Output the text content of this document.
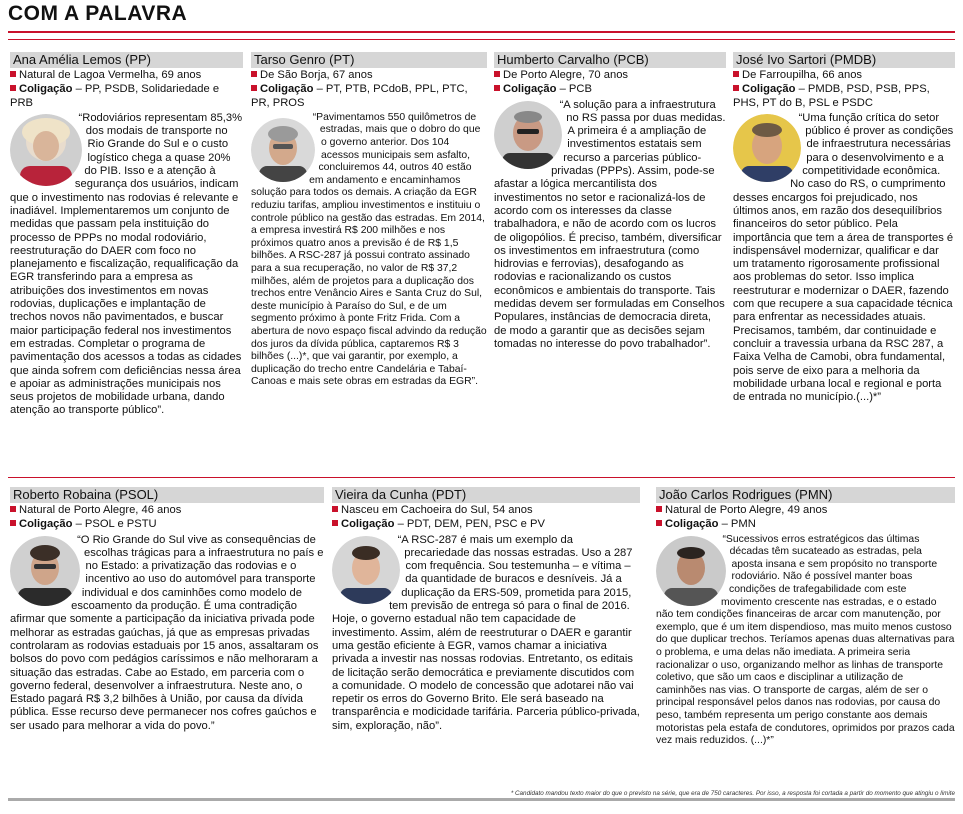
COM A PALAVRA
Ana Amélia Lemos (PP)
Natural de Lagoa Vermelha, 69 anos
Coligação – PP, PSDB, Solidariedade e PRB
“Rodoviários representam 85,3% dos modais de transporte no Rio Grande do Sul e o custo logístico chega a quase 20% do PIB. Isso e a atenção à segurança dos usuários, indicam que o investimento nas rodovias é relevante e inadiável. Implementaremos um conjunto de medidas que passam pela instituição do processo de PPPs no modal rodoviário, reestruturação do DAER com foco no planejamento e fiscalização, requalificação da EGR transferindo para a empresa as atribuições dos investimentos em novas rodovias, duplicações e implantação de trechos novos não pavimentados, e buscar maior participação federal nos investimentos em estradas. Completar o programa de pavimentação dos acessos a todas as cidades que ainda sofrem com deficiências nessa área e apoiar as administrações municipais nos seus projetos de mobilidade urbana, dando atenção ao transporte público”.
Tarso Genro (PT)
De São Borja, 67 anos
Coligação – PT, PTB, PCdoB, PPL, PTC, PR, PROS
“Pavimentamos 550 quilômetros de estradas, mais que o dobro do que o governo anterior. Dos 104 acessos municipais sem asfalto, concluiremos 44, outros 40 estão em andamento e encaminhamos solução para todos os demais. A criação da EGR reduziu tarifas, ampliou investimentos e instituiu o controle público na gestão das estradas. Em 2014, a empresa investirá R$ 200 milhões e nos próximos quatro anos a previsão é de R$ 1,5 bilhões. A RSC-287 já possui contrato assinado para a sua recuperação, no valor de R$ 37,2 milhões, além de projetos para a duplicação dos trechos entre Venâncio Aires e Santa Cruz do Sul, deste município à Paraíso do Sul, e de um segmento próximo à ponte Fritz Frida. Com a abertura de novo espaço fiscal advindo da redução dos juros da dívida pública, captaremos R$ 3 bilhões (...)*, que vai garantir, por exemplo, a duplicação do trecho entre Candelária e Tabaí-Canoas e mais sete obras em estradas da EGR”.
Humberto Carvalho (PCB)
De Porto Alegre, 70 anos
Coligação – PCB
“A solução para a infraestrutura no RS passa por duas medidas. A primeira é a ampliação de investimentos estatais sem recurso a parcerias público-privadas (PPPs). Assim, pode-se afastar a lógica mercantilista dos investimentos no setor e racionalizá-los de acordo com os interesses da classe trabalhadora, e não de acordo com os lucros de oligopólios. É preciso, também, diversificar os investimentos em infraestrutura (como hidrovias e ferrovias), desafogando as rodovias e racionalizando os custos econômicos e ambientais do transporte. Tais medidas devem ser formuladas em Conselhos Populares, instâncias de democracia direta, de modo a garantir que as decisões sejam tomadas no interesse do povo trabalhador”.
José Ivo Sartori (PMDB)
De Farroupilha, 66 anos
Coligação – PMDB, PSD, PSB, PPS, PHS, PT do B, PSL e PSDC
“Uma função crítica do setor público é prover as condições de infraestrutura necessárias para o desenvolvimento e a competitividade econômica. No caso do RS, o cumprimento desses encargos foi prejudicado, nos últimos anos, em razão dos desequilíbrios financeiros do setor público. Pela importância que tem a área de transportes é indispensável modernizar, qualificar e dar um tratamento rigorosamente profissional aos problemas do setor. Isso implica reestruturar e modernizar o DAER, fazendo com que recupere a sua capacidade técnica para enfrentar as necessidades atuais. Precisamos, também, dar continuidade e concluir a travessia urbana da RSC 287, a Faixa Velha de Camobi, obra fundamental, pois serve de eixo para a melhoria da mobilidade urbana local e regional e porta de entrada no município.(...)*”
Roberto Robaina (PSOL)
Natural de Porto Alegre, 46 anos
Coligação – PSOL e PSTU
“O Rio Grande do Sul vive as consequências de escolhas trágicas para a infraestrutura no país e no Estado: a privatização das rodovias e o incentivo ao uso do automóvel para transporte individual e dos caminhões como modelo de escoamento da produção. É uma contradição afirmar que somente a participação da iniciativa privada pode melhorar as estradas gaúchas, já que as empresas privadas controlaram as rodovias estaduais por 15 anos, assaltaram os bolsos do povo com pedágios caríssimos e não melhoraram a situação das estradas. Cabe ao Estado, em parceria com o governo federal, desenvolver a infraestrutura. Neste ano, o Estado pagará R$ 3,2 bilhões à União, por causa da dívida pública. Esse recurso deve permanecer nos cofres gaúchos e ser usado para melhorar a vida do povo.”
Vieira da Cunha (PDT)
Nasceu em Cachoeira do Sul, 54 anos
Coligação – PDT, DEM, PEN, PSC e PV
“A RSC-287 é mais um exemplo da precariedade das nossas estradas. Uso a 287 com frequência. Sou testemunha – e vítima – da quantidade de buracos e desníveis. Já a duplicação da ERS-509, prometida para 2015, tem previsão de entrega só para o final de 2016. Hoje, o governo estadual não tem capacidade de investimento. Assim, além de reestruturar o DAER e garantir uma gestão eficiente à EGR, vamos chamar a iniciativa privada a investir nas nossas rodovias. Entretanto, os editais de licitação serão democrática e previamente discutidos com a comunidade. O modelo de concessão que adotarei não vai repetir os erros do Governo Brito. Ele será baseado na transparência e modicidade tarifária. Parceria público-privada, sim, exploração, não”.
João Carlos Rodrigues (PMN)
Natural de Porto Alegre, 49 anos
Coligação – PMN
“Sucessivos erros estratégicos das últimas décadas têm sucateado as estradas, pela aposta insana e sem propósito no transporte rodoviário. Não é possível manter boas condições de trafegabilidade com este movimento crescente nas estradas, e o estado não tem condições financeiras de arcar com manutenção, por exemplo, que é um item dispendioso, mas muito menos custoso do que duplicar trechos. Teríamos apenas duas alternativas para o problema, e uma delas não imediata. A primeira seria racionalizar o uso, organizando melhor as linhas de transporte coletivo, que são um caos e disciplinar a utilização de caminhões nas vias. O transporte de cargas, além de ser o principal responsável pelos danos nas rodovias, por causa do peso, também representa um perigo constante aos demais motoristas pela estafa de condutores, oprimidos por prazos cada vez mais reduzidos. (...)*”
* Candidato mandou texto maior do que o previsto na série, que era de 750 caracteres. Por isso, a resposta foi cortada a partir do momento que atingiu o limite
